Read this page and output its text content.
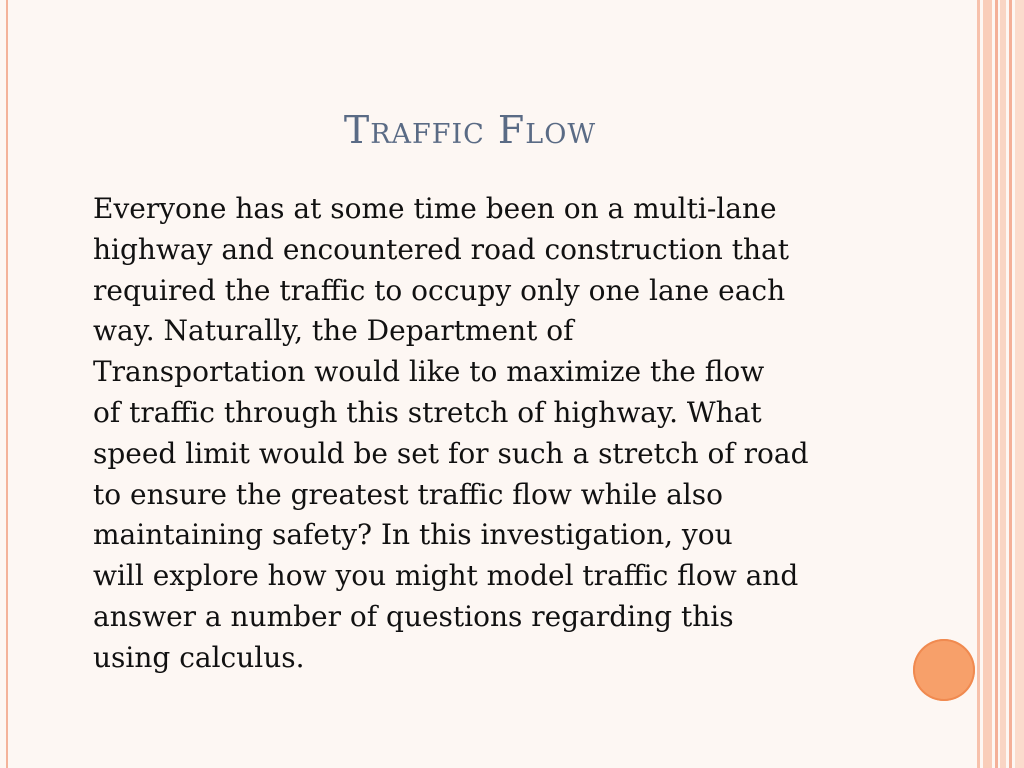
Traffic Flow
Everyone has at some time been on a multi-lane
highway and encountered road construction that
required the traffic to occupy only one lane each
way. Naturally, the Department of
Transportation would like to maximize the flow
of traffic through this stretch of highway. What
speed limit would be set for such a stretch of road
to ensure the greatest traffic flow while also
maintaining safety? In this investigation, you
will explore how you might model traffic flow and
answer a number of questions regarding this
using calculus.
